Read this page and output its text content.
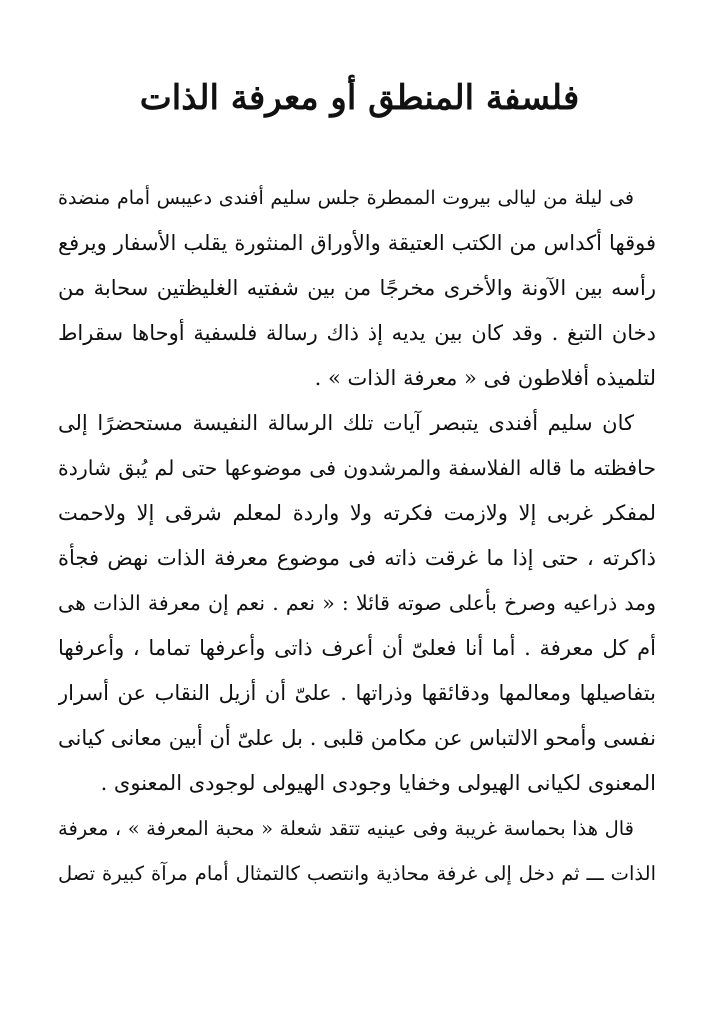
فلسفة المنطق أو معرفة الذات
فى ليلة من ليالى بيروت الممطرة جلس سليم أفندى دعيبس أمام منضدة
فوقها أكداس من الكتب العتيقة والأوراق المنثورة يقلب الأسفار ويرفع
رأسه بين الآونة والأخرى مخرجًا من بين شفتيه الغليظتين سحابة من
دخان التبغ . وقد كان بين يديه إذ ذاك رسالة فلسفية أوحاها سقراط
لتلميذه أفلاطون فى « معرفة الذات » .
كان سليم أفندى يتبصر آيات تلك الرسالة النفيسة مستحضرًا إلى
حافظته ما قاله الفلاسفة والمرشدون فى موضوعها حتى لم يُبق شاردة
لمفكر غربى إلا ولازمت فكرته ولا واردة لمعلم شرقى إلا ولاحمت
ذاكرته ، حتى إذا ما غرقت ذاته فى موضوع معرفة الذات نهض فجأة
ومد ذراعيه وصرخ بأعلى صوته قائلا : « نعم . نعم إن معرفة الذات هى
أم كل معرفة . أما أنا فعلىّ أن أعرف ذاتى وأعرفها تماما ، وأعرفها
بتفاصيلها ومعالمها ودقائقها وذراتها . علىّ أن أزيل النقاب عن أسرار
نفسى وأمحو الالتباس عن مكامن قلبى . بل علىّ أن أبين معانى كيانى
المعنوى لكيانى الهيولى وخفايا وجودى الهيولى لوجودى المعنوى .
قال هذا بحماسة غريبة وفى عينيه تتقد شعلة « محبة المعرفة » ، معرفة
الذات ـــ ثم دخل إلى غرفة محاذية وانتصب كالتمثال أمام مرآة كبيرة تصل
